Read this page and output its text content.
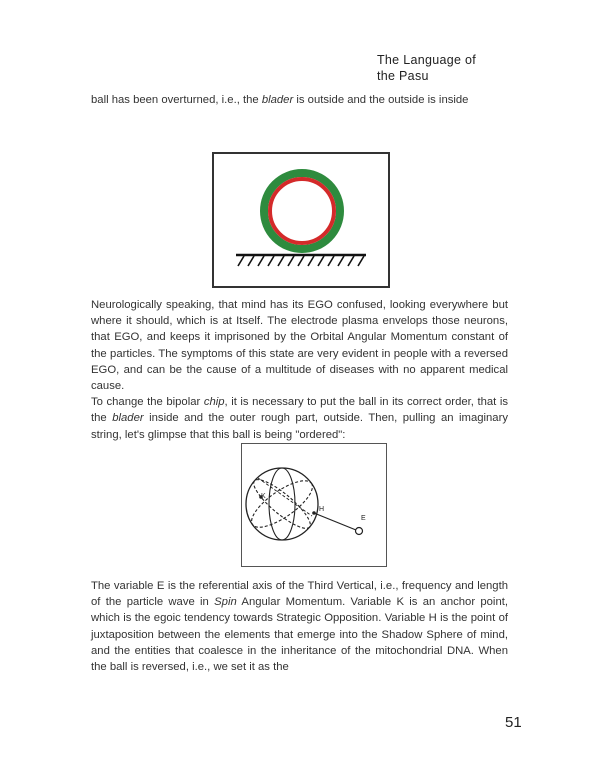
The Language of
the Pasu

ball has been overturned, i.e., the blader is outside and the outside is inside

Neurologically speaking, that mind has its EGO confused, looking everywhere but where it should, which is at Itself. The electrode plasma envelops those neurons, that EGO, and keeps it imprisoned by the Orbital Angular Momentum constant of the particles. The symptoms of this state are very evident in people with a reversed EGO, and can be the cause of a multitude of diseases with no apparent medical cause.
To change the bipolar chip, it is necessary to put the ball in its correct order, that is the blader inside and the outer rough part, outside. Then, pulling an imaginary string, let's glimpse that this ball is being "ordered":

K
H
E

The variable E is the referential axis of the Third Vertical, i.e., frequency and length of the particle wave in Spin Angular Momentum. Variable K is an anchor point, which is the egoic tendency towards Strategic Opposition. Variable H is the point of juxtaposition between the elements that emerge into the Shadow Sphere of mind, and the entities that coalesce in the inheritance of the mitochondrial DNA. When the ball is reversed, i.e., we set it as the

51
